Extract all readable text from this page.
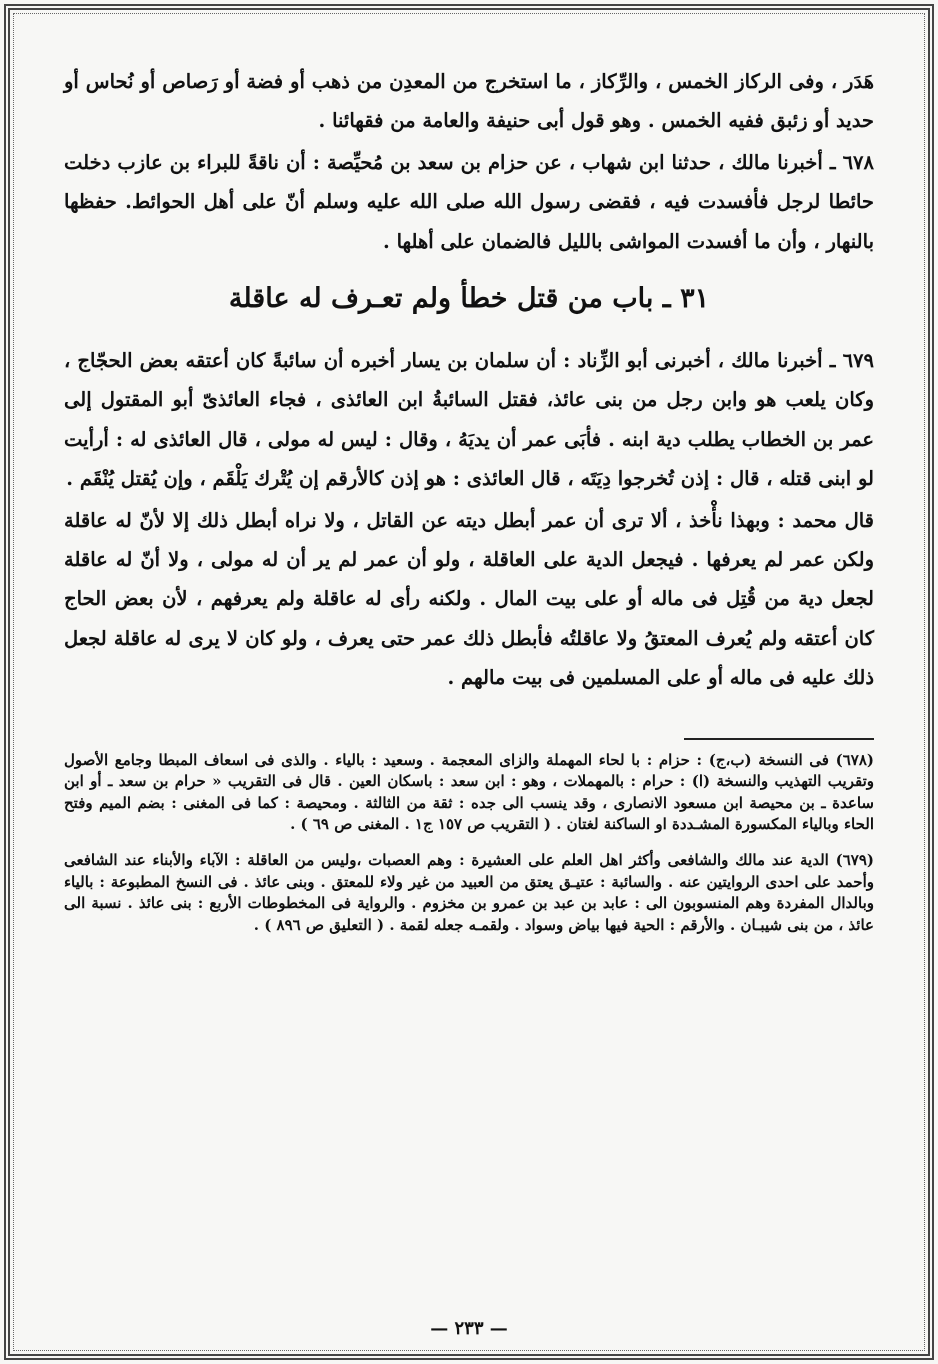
هَدَر ، وفى الركاز الخمس ، والرِّكاز ، ما استخرج من المعدِن من ذهب أو فضة أو رَصاص أو نُحاس أو حديد أو زئبق ففيه الخمس . وهو قول أبى حنيفة والعامة من فقهائنا .

٦٧٨ ـ أخبرنا مالك ، حدثنا ابن شهاب ، عن حزام بن سعد بن مُحيِّصة : أن ناقةً للبراء بن عازب دخلت حائطا لرجل فأفسدت فيه ، فقضى رسول الله صلى الله عليه وسلم أنّ على أهل الحوائط. حفظها بالنهار ، وأن ما أفسدت المواشى بالليل فالضمان على أهلها .

٣١ ـ باب من قتل خطأ ولم تعـرف له عاقلة

٦٧٩ ـ أخبرنا مالك ، أخبرنى أبو الزِّناد : أن سلمان بن يسار أخبره أن سائبةً كان أعتقه بعض الحجّاج ، وكان يلعب هو وابن رجل من بنى عائذ، فقتل السائبةُ ابن العائذى ، فجاء العائذىّ أبو المقتول إلى عمر بن الخطاب يطلب دية ابنه . فأبَى عمر أن يديَهُ ، وقال : ليس له مولى ، قال العائذى له : أرأيت لو ابنى قتله ، قال : إذن تُخرجوا دِيَتَه ، قال العائذى : هو إذن كالأرقم إن يُتْرك يَلْقَم ، وإن يُقتل يُنْقَم .

قال محمد : وبهذا نأْخذ ، ألا ترى أن عمر أبطل ديته عن القاتل ، ولا نراه أبطل ذلك إلا لأنّ له عاقلة ولكن عمر لم يعرفها . فيجعل الدية على العاقلة ، ولو أن عمر لم ير أن له مولى ، ولا أنّ له عاقلة لجعل دية من قُتِل فى ماله أو على بيت المال . ولكنه رأى له عاقلة ولم يعرفهم ، لأن بعض الحاج كان أعتقه ولم يُعرف المعتقُ ولا عاقلتُه فأبطل ذلك عمر حتى يعرف ، ولو كان لا يرى له عاقلة لجعل ذلك عليه فى ماله أو على المسلمين فى بيت مالهم .

(٦٧٨) فى النسخة (ب،ج) : حزام : با لحاء المهملة والزاى المعجمة . وسعيد : بالياء . والذى فى اسعاف المبطا وجامع الأصول وتقريب التهذيب والنسخة (ا) : حرام : بالمهملات ، وهو : ابن سعد : باسكان العين . قال فى التقريب « حرام بن سعد ـ أو ابن ساعدة ـ بن محيصة ابن مسعود الانصارى ، وقد ينسب الى جده : ثقة من الثالثة . ومحيصة : كما فى المغنى : بضم الميم وفتح الحاء وبالياء المكسورة المشـددة او الساكنة لغتان . ( التقريب ص ١٥٧ ج١ . المغنى ص ٦٩ ) .

(٦٧٩) الدية عند مالك والشافعى وأكثر اهل العلم على العشيرة : وهم العصبات ،وليس من العاقلة : الآباء والأبناء عند الشافعى وأحمد على احدى الروايتين عنه . والسائبة : عتيـق يعتق من العبيد من غير ولاء للمعتق . وبنى عائذ . فى النسخ المطبوعة : بالياء وبالدال المفردة وهم المنسوبون الى : عابد بن عبد بن عمرو بن مخزوم . والرواية فى المخطوطات الأربع : بنى عائذ . نسبة الى عائذ ، من بنى شيبـان . والأرقم : الحية فيها بياض وسواد . ولقمـه جعله لقمة . ( التعليق ص ٨٩٦ ) .

— ٢٣٣ —
